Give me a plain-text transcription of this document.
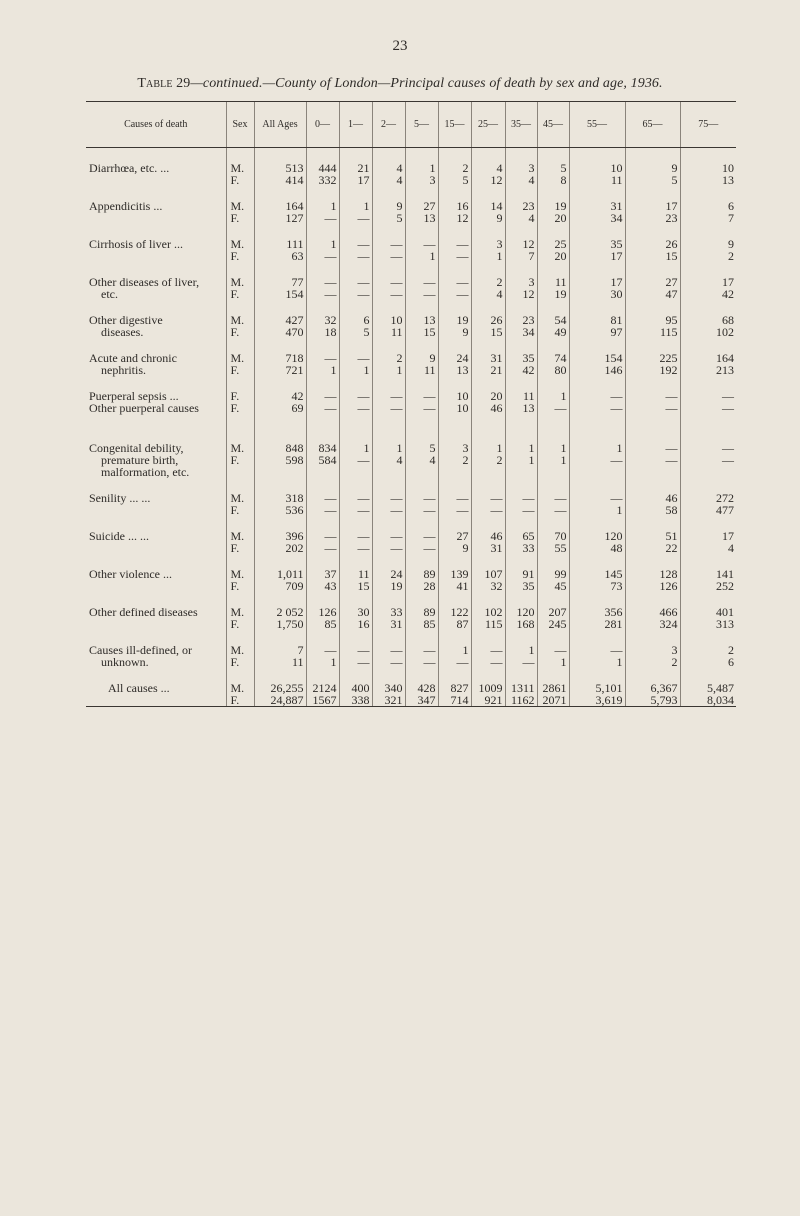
23
Table 29—continued.—County of London—Principal causes of death by sex and age, 1936.
Causes of death	Sex	All Ages	0—	1—	2—	5—	15—	25—	35—	45—	55—	65—	75—

Diarrhœa, etc. ...	M.	513	444	21	4	1	2	4	3	5	10	9	10
	F.	414	332	17	4	3	5	12	4	8	11	5	13

Appendicitis ...	M.	164	1	1	9	27	16	14	23	19	31	17	6
	F.	127	—	—	5	13	12	9	4	20	34	23	7

Cirrhosis of liver ...	M.	111	1	—	—	—	—	3	12	25	35	26	9
	F.	63	—	—	—	1	—	1	7	20	17	15	2

Other diseases of liver,	M.	77	—	—	—	—	—	2	3	11	17	27	17
etc.	F.	154	—	—	—	—	—	4	12	19	30	47	42

Other digestive	M.	427	32	6	10	13	19	26	23	54	81	95	68
diseases.	F.	470	18	5	11	15	9	15	34	49	97	115	102

Acute and chronic	M.	718	—	—	2	9	24	31	35	74	154	225	164
nephritis.	F.	721	1	1	1	11	13	21	42	80	146	192	213

Puerperal sepsis ...	F.	42	—	—	—	—	10	20	11	1	—	—	—
Other puerperal causes	F.	69	—	—	—	—	10	46	13	—	—	—	—

Congenital debility,	M.	848	834	1	1	5	3	1	1	1	1	—	—
premature birth,	F.	598	584	—	4	4	2	2	1	1	—	—	—
malformation, etc.													

Senility ... ...	M.	318	—	—	—	—	—	—	—	—	—	46	272
	F.	536	—	—	—	—	—	—	—	—	1	58	477

Suicide ... ...	M.	396	—	—	—	—	27	46	65	70	120	51	17
	F.	202	—	—	—	—	9	31	33	55	48	22	4

Other violence ...	M.	1,011	37	11	24	89	139	107	91	99	145	128	141
	F.	709	43	15	19	28	41	32	35	45	73	126	252

Other defined diseases	M.	2 052	126	30	33	89	122	102	120	207	356	466	401
	F.	1,750	85	16	31	85	87	115	168	245	281	324	313

Causes ill-defined, or	M.	7	—	—	—	—	1	—	1	—	—	3	2
unknown.	F.	11	1	—	—	—	—	—	—	1	1	2	6

All causes ...	M.	26,255	2124	400	340	428	827	1009	1311	2861	5,101	6,367	5,487
	F.	24,887	1567	338	321	347	714	921	1162	2071	3,619	5,793	8,034
